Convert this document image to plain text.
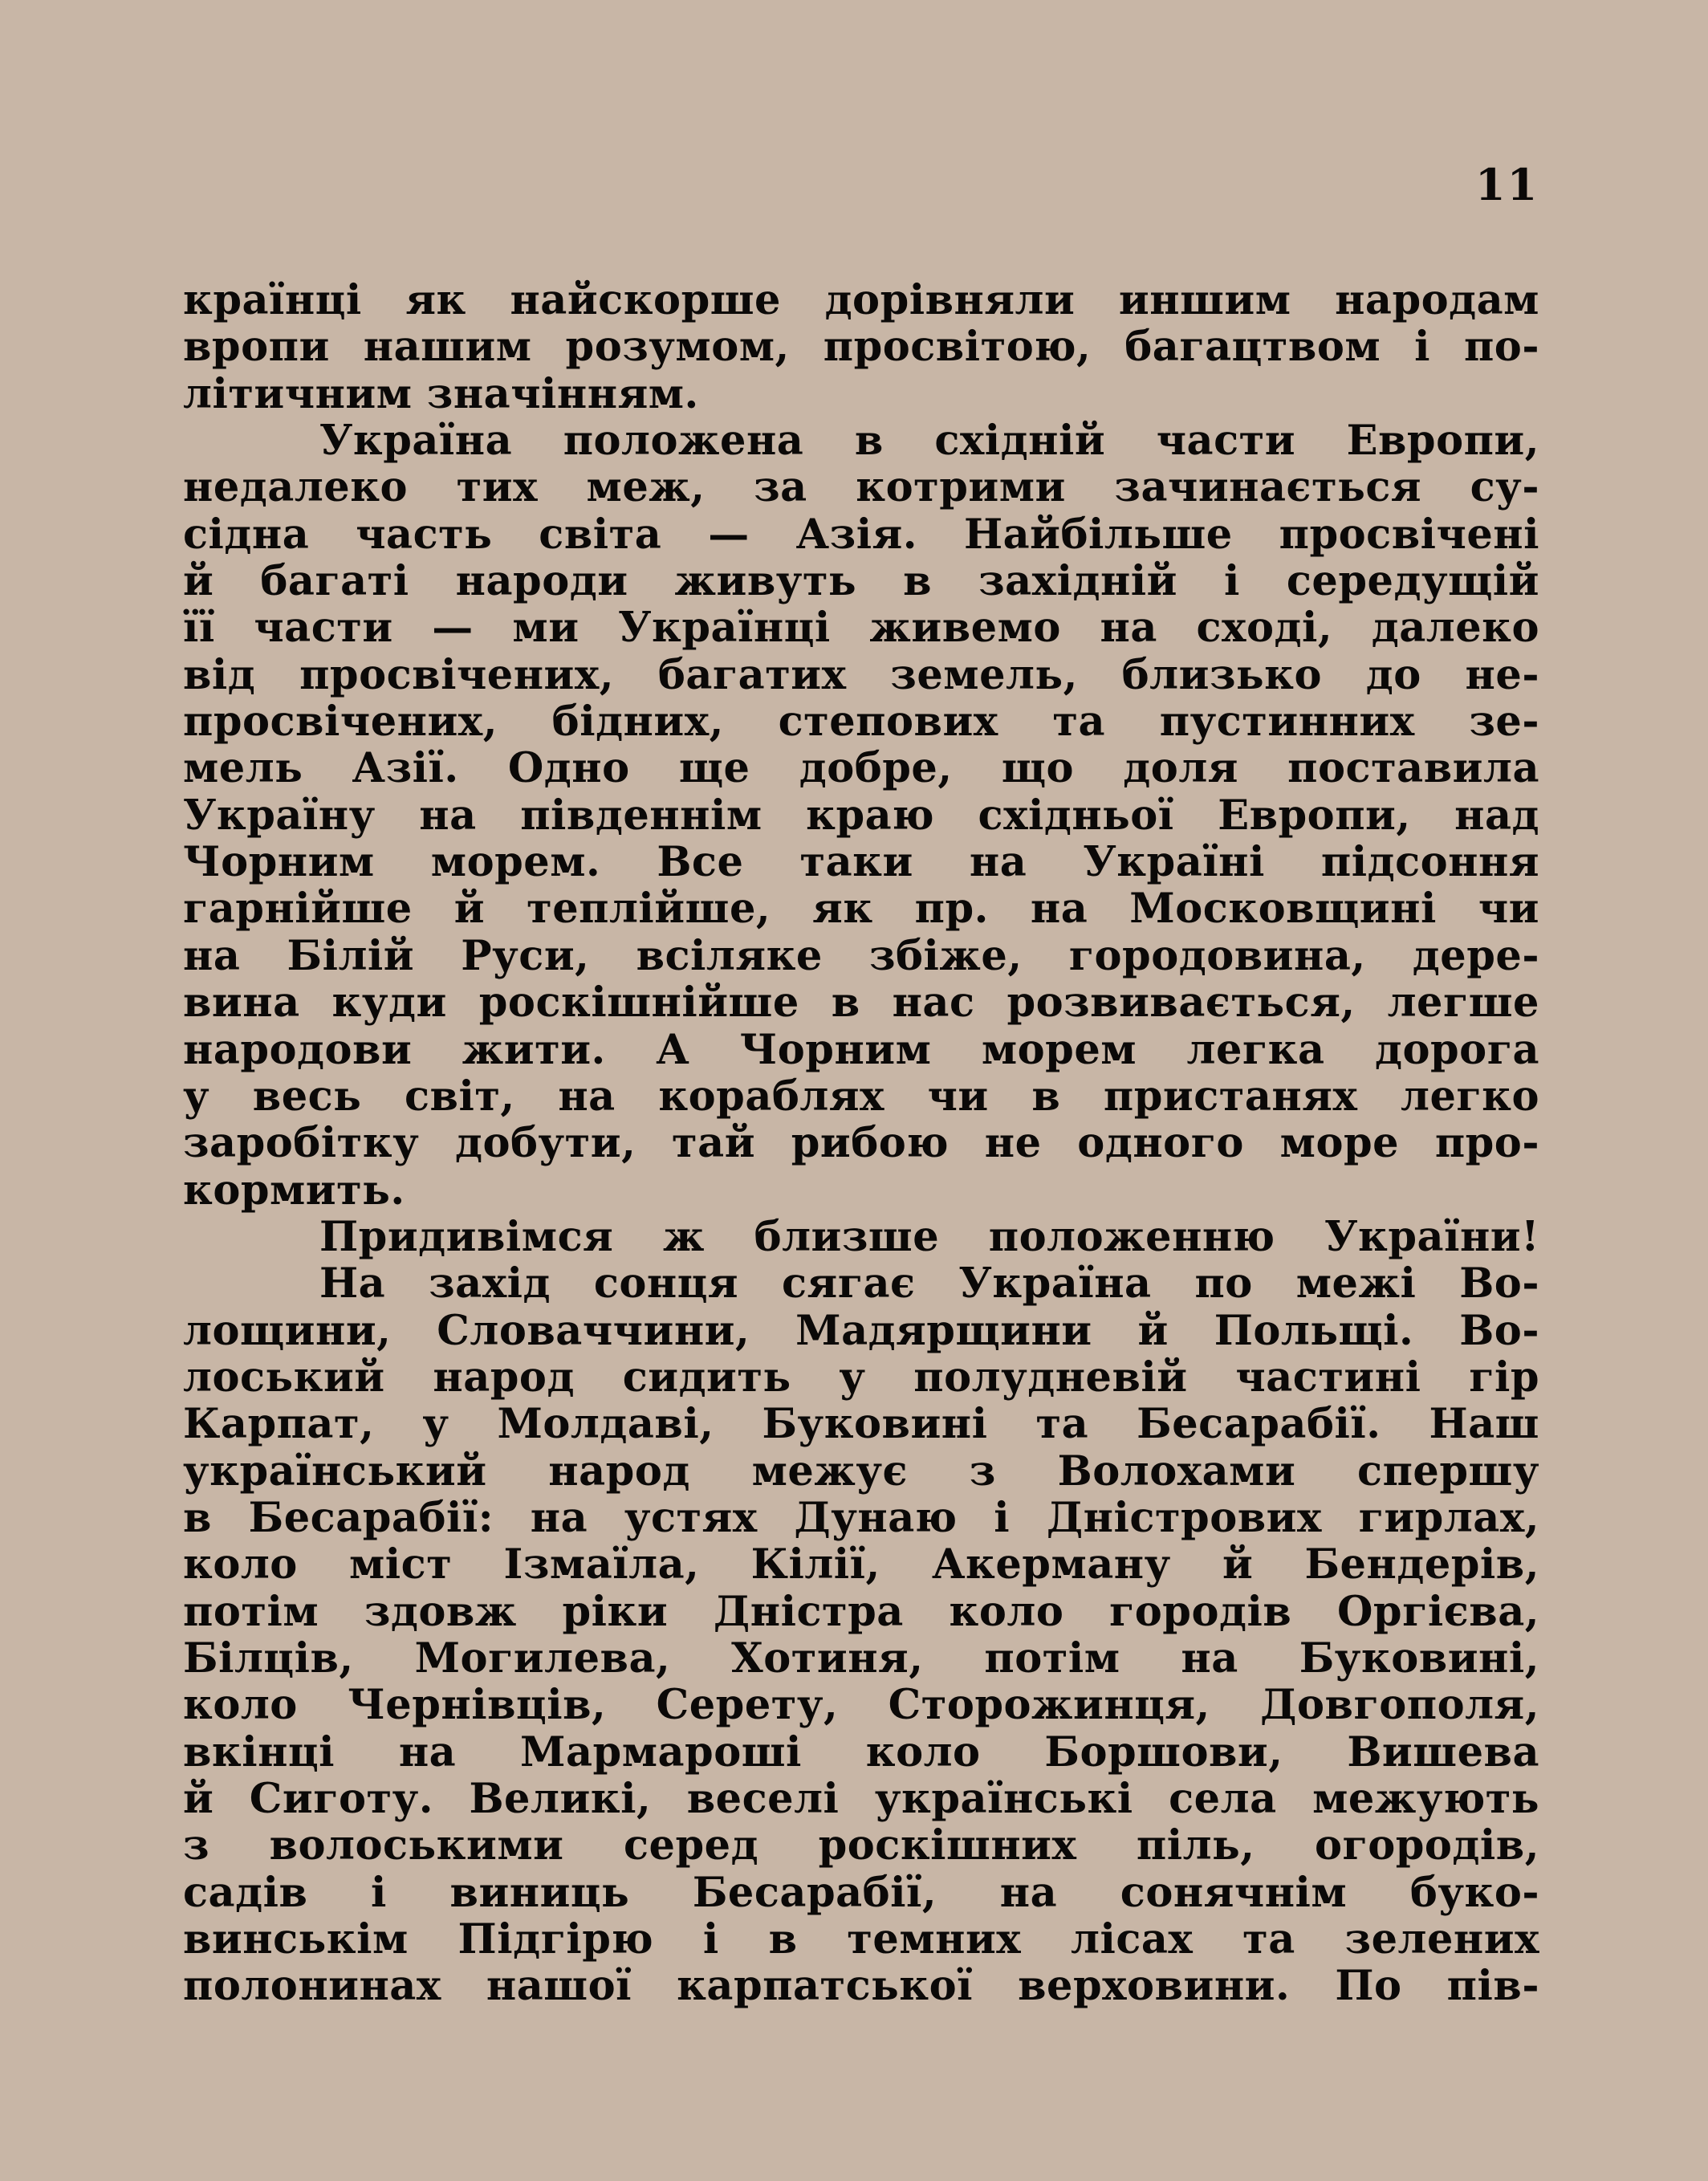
11
країнці як найскорше дорівняли иншим народам
вропи нашим розумом, просвітою, багацтвом і по-
літичним значінням.
Україна положена в східній части Европи,
недалеко тих меж, за котрими зачинається су-
сідна часть світа — Азія. Найбільше просвічені
й багаті народи живуть в західній і середущій
її части — ми Українці живемо на сході, далеко
від просвічених, багатих земель, близько до не-
просвічених, бідних, степових та пустинних зе-
мель Азії. Одно ще добре, що доля поставила
Україну на південнім краю східньої Европи, над
Чорним морем. Все таки на Україні підсоння
гарнійше й теплійше, як пр. на Московщині чи
на Білій Руси, всіляке збіже, городовина, дере-
вина куди роскішнійше в нас розвивається, легше
народови жити. А Чорним морем легка дорога
у весь світ, на кораблях чи в пристанях легко
заробітку добути, тай рибою не одного море про-
кормить.
Придивімся ж близше положенню України!
На захід сонця сягає Україна по межі Во-
лощини, Словаччини, Мадярщини й Польщі. Во-
лоський народ сидить у полудневій частині гір
Карпат, у Молдаві, Буковині та Бесарабії. Наш
український народ межує з Волохами спершу
в Бесарабії: на устях Дунаю і Дністрових гирлах,
коло міст Ізмаїла, Кілії, Акерману й Бендерів,
потім здовж ріки Дністра коло городів Оргієва,
Білців, Могилева, Хотиня, потім на Буковині,
коло Чернівців, Серету, Сторожинця, Довгополя,
вкінці на Мармароші коло Боршови, Вишева
й Сиготу. Великі, веселі українські села межують
з волоськими серед роскішних піль, огородів,
садів і виниць Бесарабії, на сонячнім буко-
винськім Підгірю і в темних лісах та зелених
полонинах нашої карпатської верховини. По пів-
